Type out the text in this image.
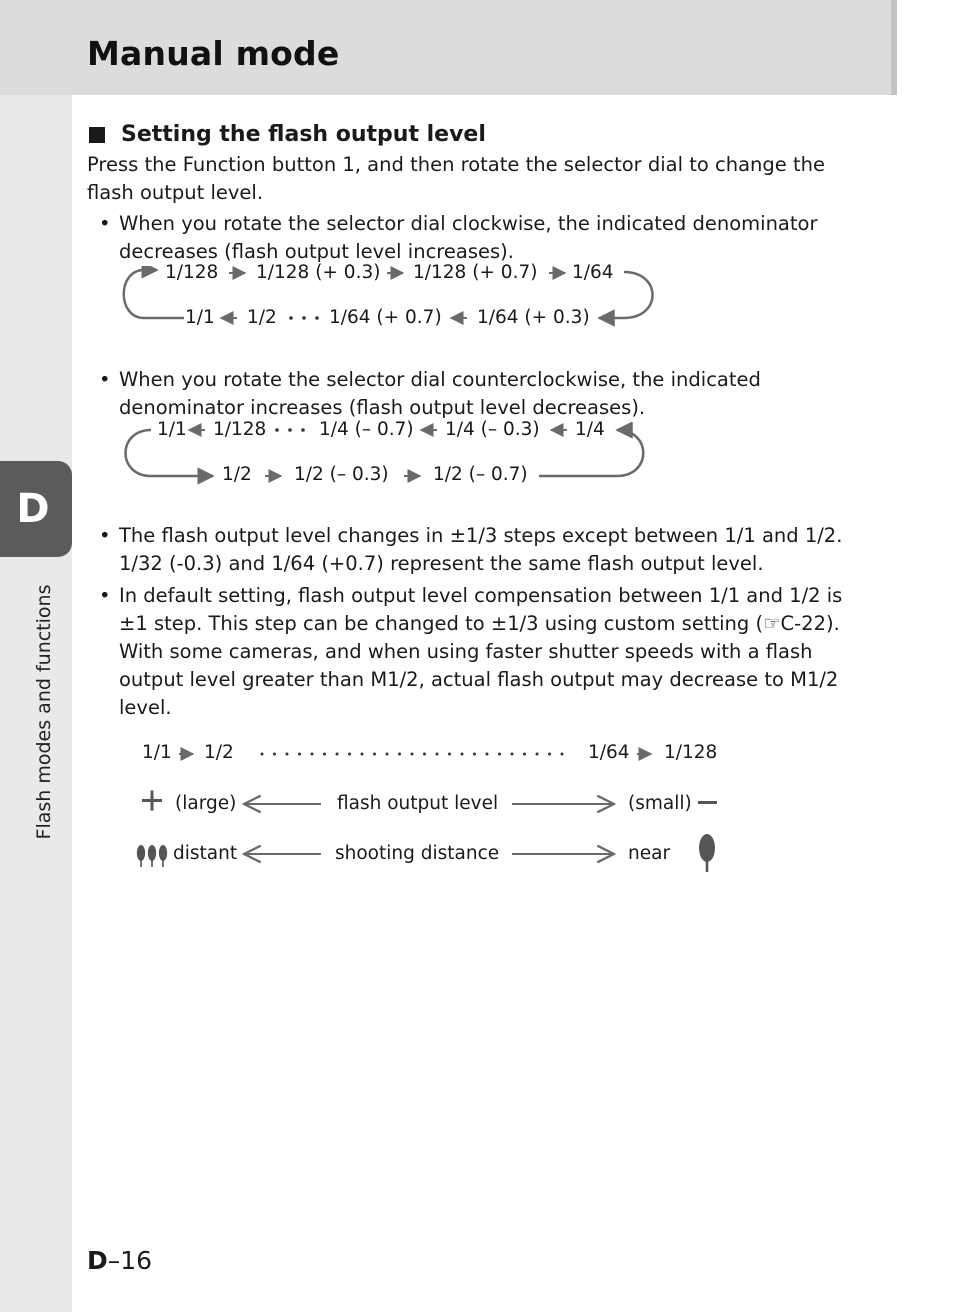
Manual mode
D
Flash modes and functions
Setting the flash output level

Press the Function button 1, and then rotate the selector dial to change the flash output level.

• When you rotate the selector dial clockwise, the indicated denominator decreases (flash output level increases).

1/128 1/128 (+ 0.3) 1/128 (+ 0.7) 1/64
1/1 1/2	1/64 (+ 0.7) 1/64 (+ 0.3)

• When you rotate the selector dial counterclockwise, the indicated denominator increases (flash output level decreases).

1/1 1/128	1/4 (– 0.7) 1/4 (– 0.3) 1/4
1/2 1/2 (– 0.3) 1/2 (– 0.7)

• The flash output level changes in ±1/3 steps except between 1/1 and 1/2. 1/32 (-0.3) and 1/64 (+0.7) represent the same flash output level.

• In default setting, flash output level compensation between 1/1 and 1/2 is ±1 step. This step can be changed to ±1/3 using custom setting (☞C-22). With some cameras, and when using faster shutter speeds with a flash output level greater than M1/2, actual flash output may decrease to M1/2 level.

1/1 1/2	1/64 1/128
(large)	flash output level	(small)
distant	shooting distance	near
D–16
